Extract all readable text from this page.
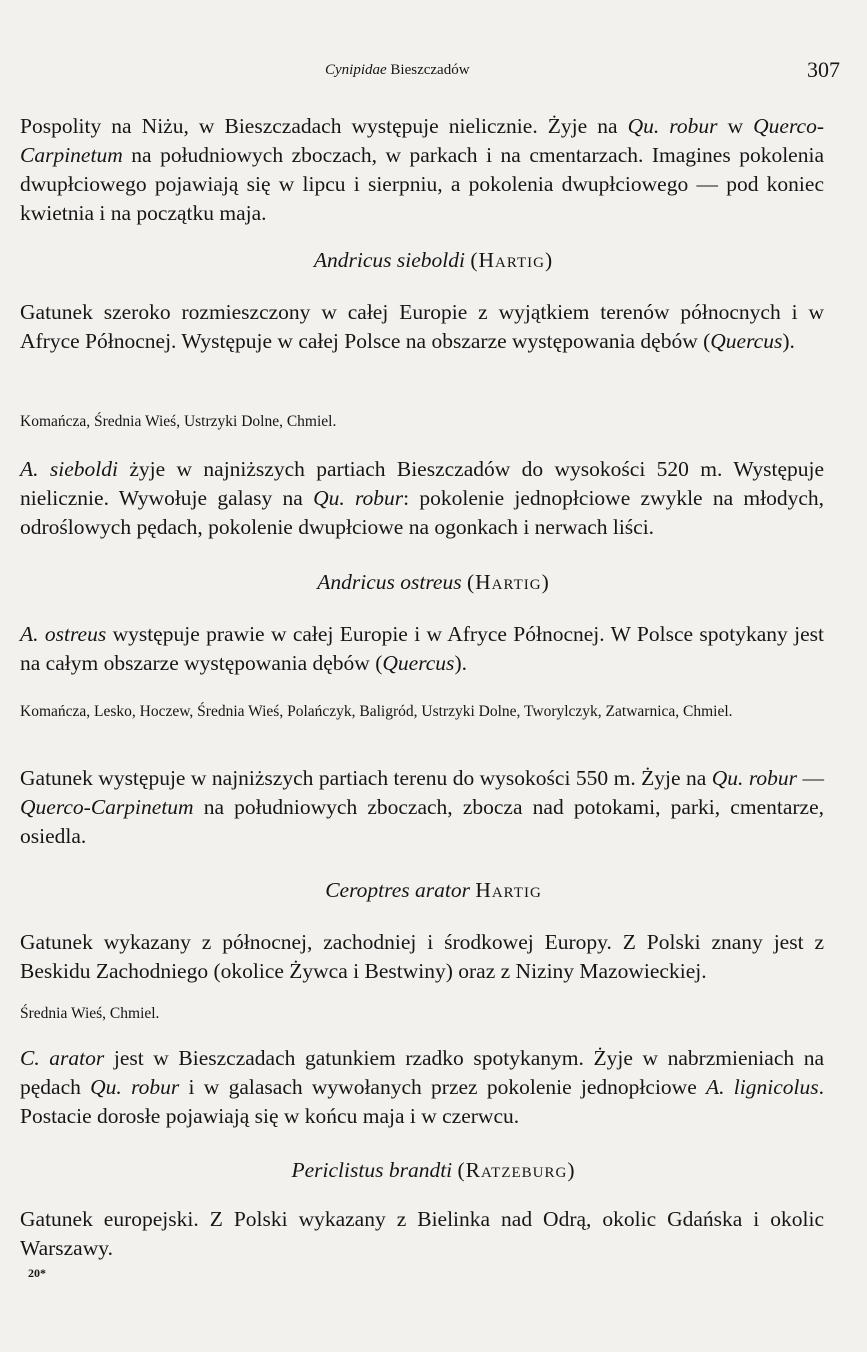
Cynipidae Bieszczadów	307

Pospolity na Niżu, w Bieszczadach występuje nielicznie. Żyje na Qu. robur w Querco-Carpinetum na południowych zboczach, w parkach i na cmentarzach. Imagines pokolenia dwupłciowego pojawiają się w lipcu i sierpniu, a pokolenia dwupłciowego — pod koniec kwietnia i na początku maja.

Andricus sieboldi (Hartig)

Gatunek szeroko rozmieszczony w całej Europie z wyjątkiem terenów północnych i w Afryce Północnej. Występuje w całej Polsce na obszarze występowania dębów (Quercus).

Komańcza, Średnia Wieś, Ustrzyki Dolne, Chmiel.

A. sieboldi żyje w najniższych partiach Bieszczadów do wysokości 520 m. Występuje nielicznie. Wywołuje galasy na Qu. robur: pokolenie jednopłciowe zwykle na młodych, odroślowych pędach, pokolenie dwupłciowe na ogonkach i nerwach liści.

Andricus ostreus (Hartig)

A. ostreus występuje prawie w całej Europie i w Afryce Północnej. W Polsce spotykany jest na całym obszarze występowania dębów (Quercus).

Komańcza, Lesko, Hoczew, Średnia Wieś, Polańczyk, Baligród, Ustrzyki Dolne, Tworylczyk, Zatwarnica, Chmiel.

Gatunek występuje w najniższych partiach terenu do wysokości 550 m. Żyje na Qu. robur — Querco-Carpinetum na południowych zboczach, zbocza nad potokami, parki, cmentarze, osiedla.

Ceroptres arator Hartig

Gatunek wykazany z północnej, zachodniej i środkowej Europy. Z Polski znany jest z Beskidu Zachodniego (okolice Żywca i Bestwiny) oraz z Niziny Mazowieckiej.

Średnia Wieś, Chmiel.

C. arator jest w Bieszczadach gatunkiem rzadko spotykanym. Żyje w nabrzmieniach na pędach Qu. robur i w galasach wywołanych przez pokolenie jednopłciowe A. lignicolus. Postacie dorosłe pojawiają się w końcu maja i w czerwcu.

Periclistus brandti (Ratzeburg)

Gatunek europejski. Z Polski wykazany z Bielinka nad Odrą, okolic Gdańska i okolic Warszawy.

20*
